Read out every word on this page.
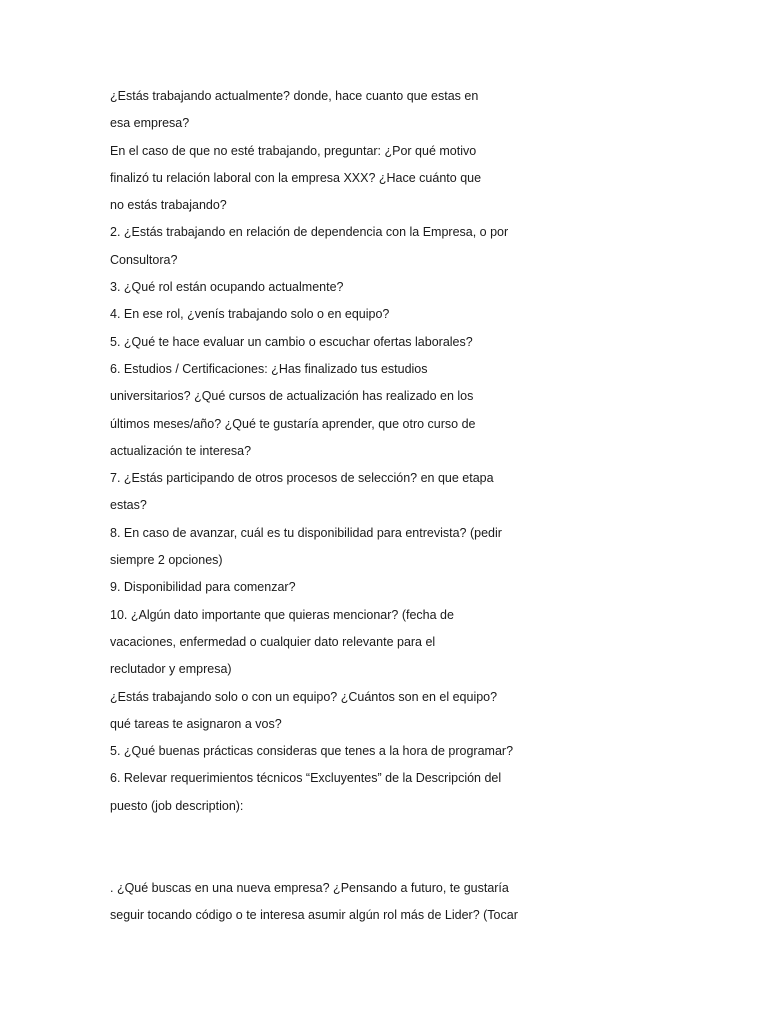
¿Estás trabajando actualmente? donde, hace cuanto que estas en
esa empresa?
En el caso de que no esté trabajando, preguntar: ¿Por qué motivo
finalizó tu relación laboral con la empresa XXX? ¿Hace cuánto que
no estás trabajando?
2. ¿Estás trabajando en relación de dependencia con la Empresa, o por
Consultora?
3. ¿Qué rol están ocupando actualmente?
4. En ese rol, ¿venís trabajando solo o en equipo?
5. ¿Qué te hace evaluar un cambio o escuchar ofertas laborales?
6. Estudios / Certificaciones: ¿Has finalizado tus estudios
universitarios? ¿Qué cursos de actualización has realizado en los
últimos meses/año? ¿Qué te gustaría aprender, que otro curso de
actualización te interesa?
7. ¿Estás participando de otros procesos de selección? en que etapa
estas?
8. En caso de avanzar, cuál es tu disponibilidad para entrevista? (pedir
siempre 2 opciones)
9. Disponibilidad para comenzar?
10. ¿Algún dato importante que quieras mencionar? (fecha de
vacaciones, enfermedad o cualquier dato relevante para el
reclutador y empresa)
¿Estás trabajando solo o con un equipo? ¿Cuántos son en el equipo?
qué tareas te asignaron a vos?
5. ¿Qué buenas prácticas consideras que tenes a la hora de programar?
6. Relevar requerimientos técnicos “Excluyentes” de la Descripción del
puesto (job description):
. ¿Qué buscas en una nueva empresa? ¿Pensando a futuro, te gustaría
seguir tocando código o te interesa asumir algún rol más de Lider? (Tocar
